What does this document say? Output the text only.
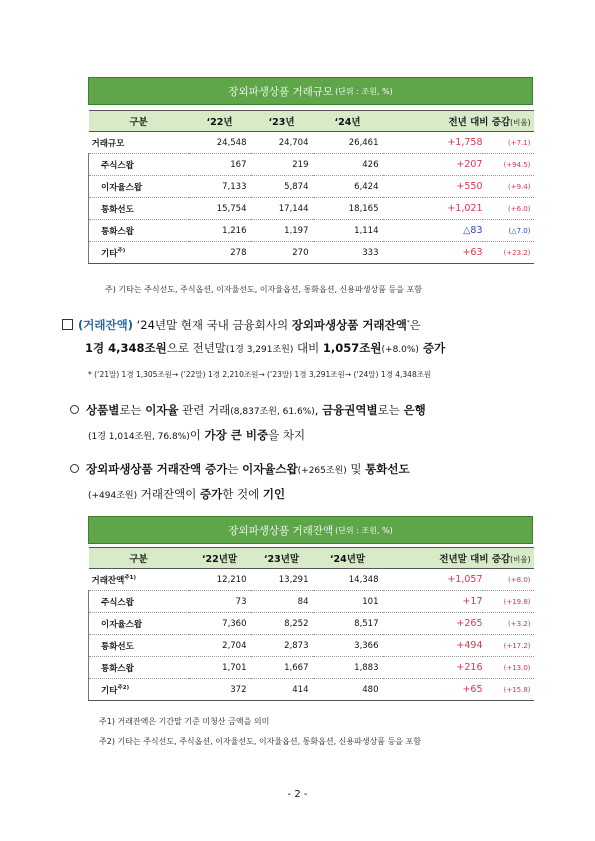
장외파생상품 거래규모 (단위 : 조원, %)
구분	‘22년	‘23년	‘24년	전년 대비 증감(비율)	
거래규모	24,548	24,704	26,461	+1,758	(+7.1)
주식스왑	167	219	426	+207	(+94.5)
이자율스왑	7,133	5,874	6,424	+550	(+9.4)
통화선도	15,754	17,144	18,165	+1,021	(+6.0)
통화스왑	1,216	1,197	1,114	△83	(△7.0)
기타$^{주)}$	278	270	333	+63	(+23.2)
주) 기타는 주식선도, 주식옵션, 이자율선도, 이자율옵션, 통화옵션, 신용파생상품 등을 포함
(거래잔액) ‘24년말 현재 국내 금융회사의 장외파생상품 거래잔액*은
1경 4,348조원으로 전년말(1경 3,291조원) 대비 1,057조원(+8.0%) 증가
* (‘21말) 1경 1,305조원→ (‘22말) 1경 2,210조원→ (‘23말) 1경 3,291조원→ (‘24말) 1경 4,348조원
상품별로는 이자율 관련 거래(8,837조원, 61.6%), 금융권역별로는 은행
(1경 1,014조원, 76.8%)이 가장 큰 비중을 차지
장외파생상품 거래잔액 증가는 이자율스왑(+265조원) 및 통화선도
(+494조원) 거래잔액이 증가한 것에 기인
장외파생상품 거래잔액 (단위 : 조원, %)
구분	‘22년말	‘23년말	‘24년말	전년말 대비 증감(비율)	
거래잔액$^{주1)}$	12,210	13,291	14,348	+1,057	(+8.0)
주식스왑	73	84	101	+17	(+19.8)
이자율스왑	7,360	8,252	8,517	+265	(+3.2)
통화선도	2,704	2,873	3,366	+494	(+17.2)
통화스왑	1,701	1,667	1,883	+216	(+13.0)
기타$^{주2)}$	372	414	480	+65	(+15.8)
주1) 거래잔액은 기간말 기준 미청산 금액을 의미
주2) 기타는 주식선도, 주식옵션, 이자율선도, 이자율옵션, 통화옵션, 신용파생상품 등을 포함
- 2 -
